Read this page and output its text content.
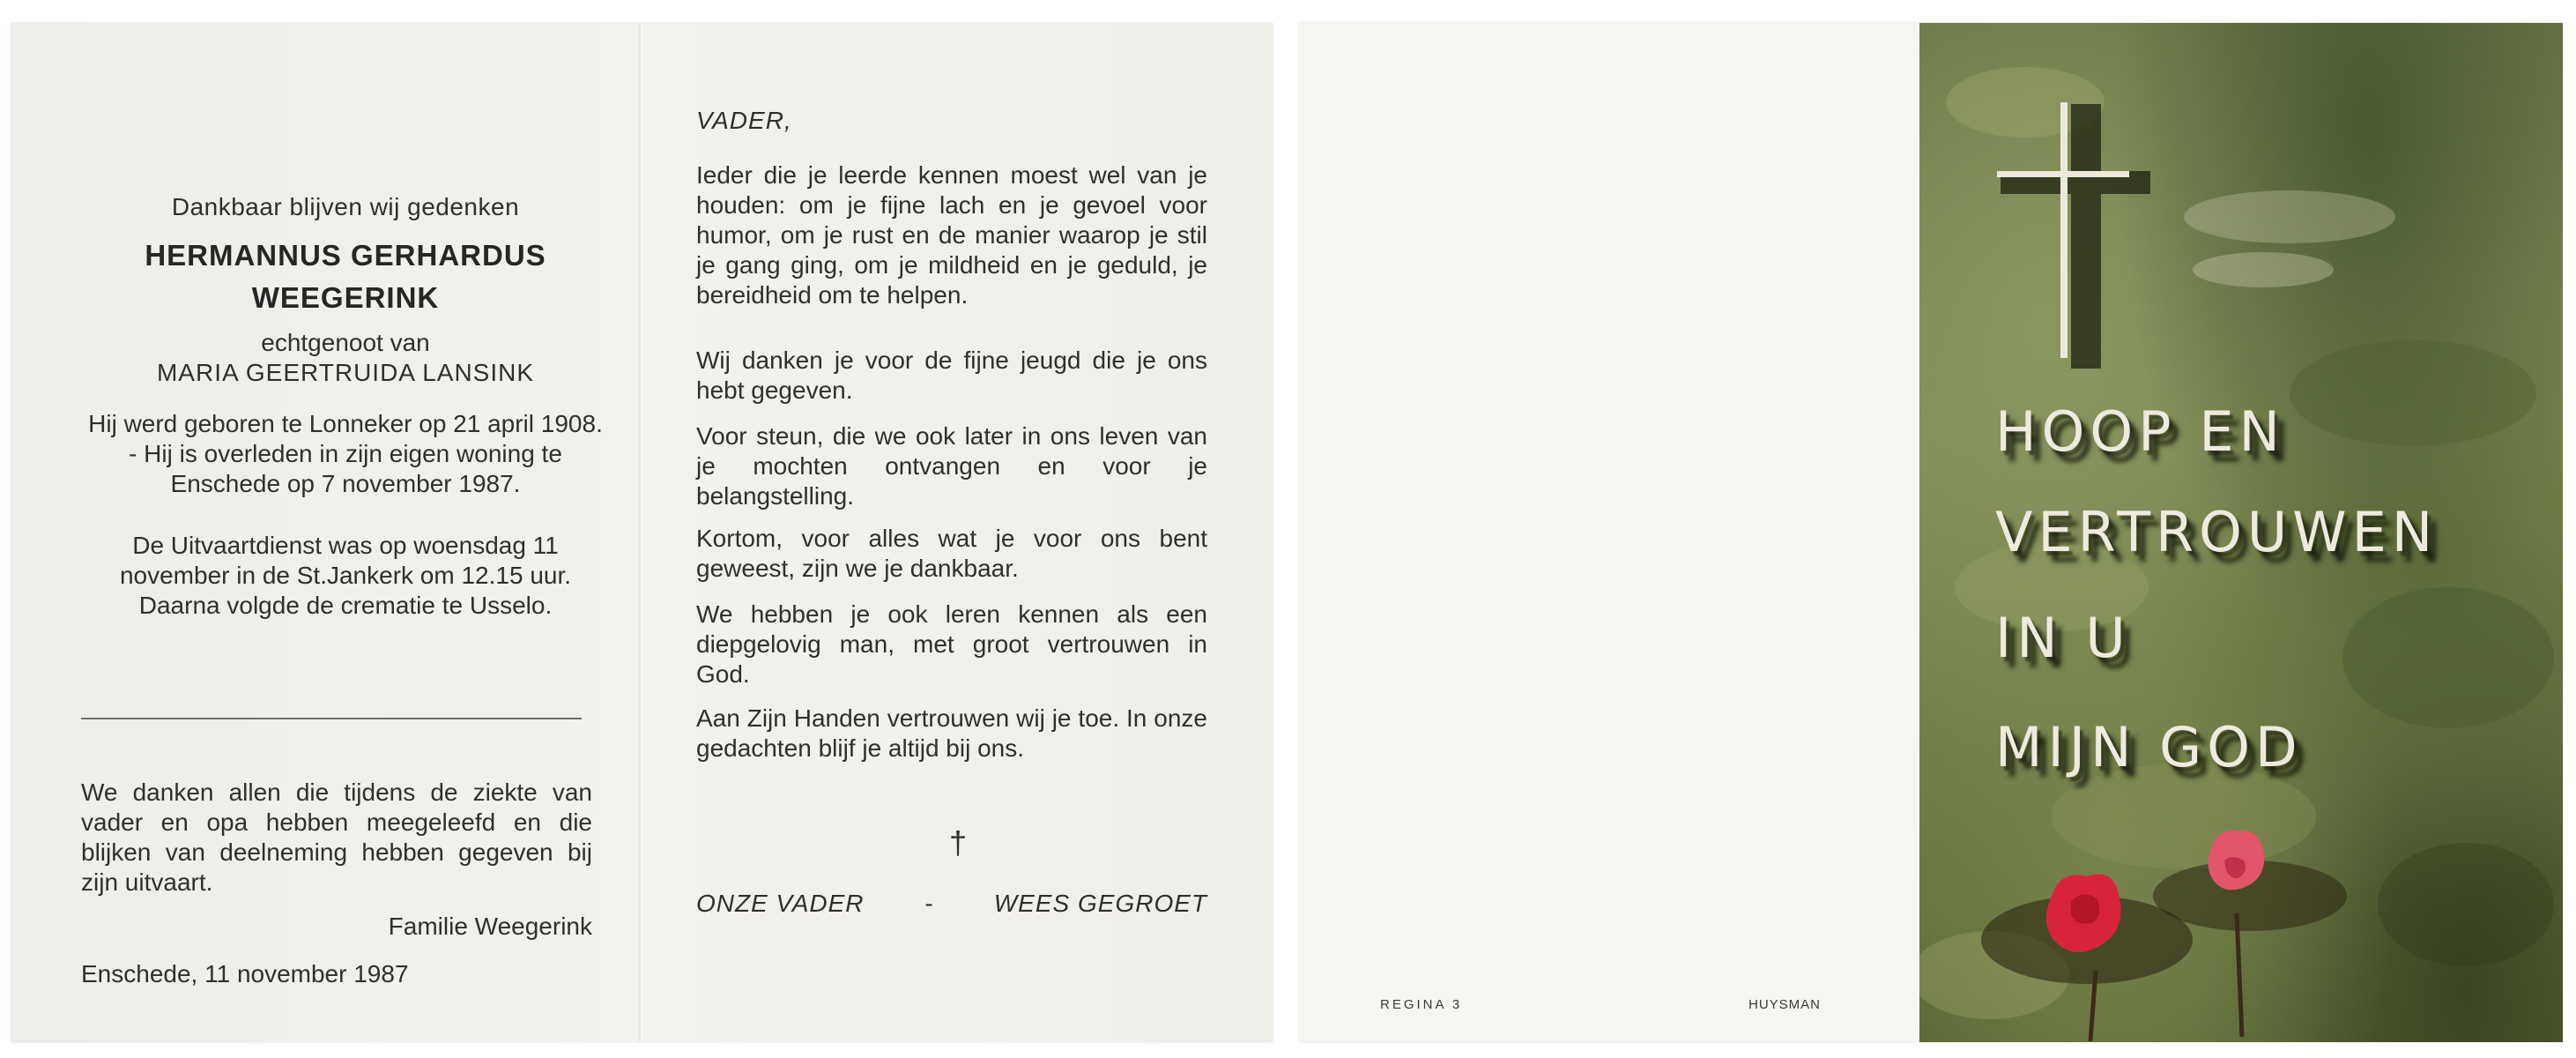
Dankbaar blijven wij gedenken
HERMANNUS GERHARDUS
WEEGERINK
echtgenoot van
MARIA GEERTRUIDA LANSINK
Hij werd geboren te Lonneker op 21 april 1908. - Hij is overleden in zijn eigen woning te Enschede op 7 november 1987.
De Uitvaartdienst was op woensdag 11 november in de St.Jankerk om 12.15 uur. Daarna volgde de crematie te Usselo.
We danken allen die tijdens de ziekte van vader en opa hebben meegeleefd en die blijken van deelneming hebben gegeven bij zijn uitvaart.
Familie Weegerink
Enschede, 11 november 1987
VADER,
Ieder die je leerde kennen moest wel van je houden: om je fijne lach en je gevoel voor humor, om je rust en de manier waarop je stil je gang ging, om je mildheid en je geduld, je bereidheid om te helpen.
Wij danken je voor de fijne jeugd die je ons hebt gegeven.
Voor steun, die we ook later in ons leven van je mochten ontvangen en voor je belangstelling.
Kortom, voor alles wat je voor ons bent geweest, zijn we je dankbaar.
We hebben je ook leren kennen als een diepgelovig man, met groot vertrouwen in God.
Aan Zijn Handen vertrouwen wij je toe. In onze gedachten blijf je altijd bij ons.
†
ONZE VADER - WEES GEGROET
REGINA 3	HUYSMAN
HOOP EN
VERTROUWEN
IN U
MIJN GOD
